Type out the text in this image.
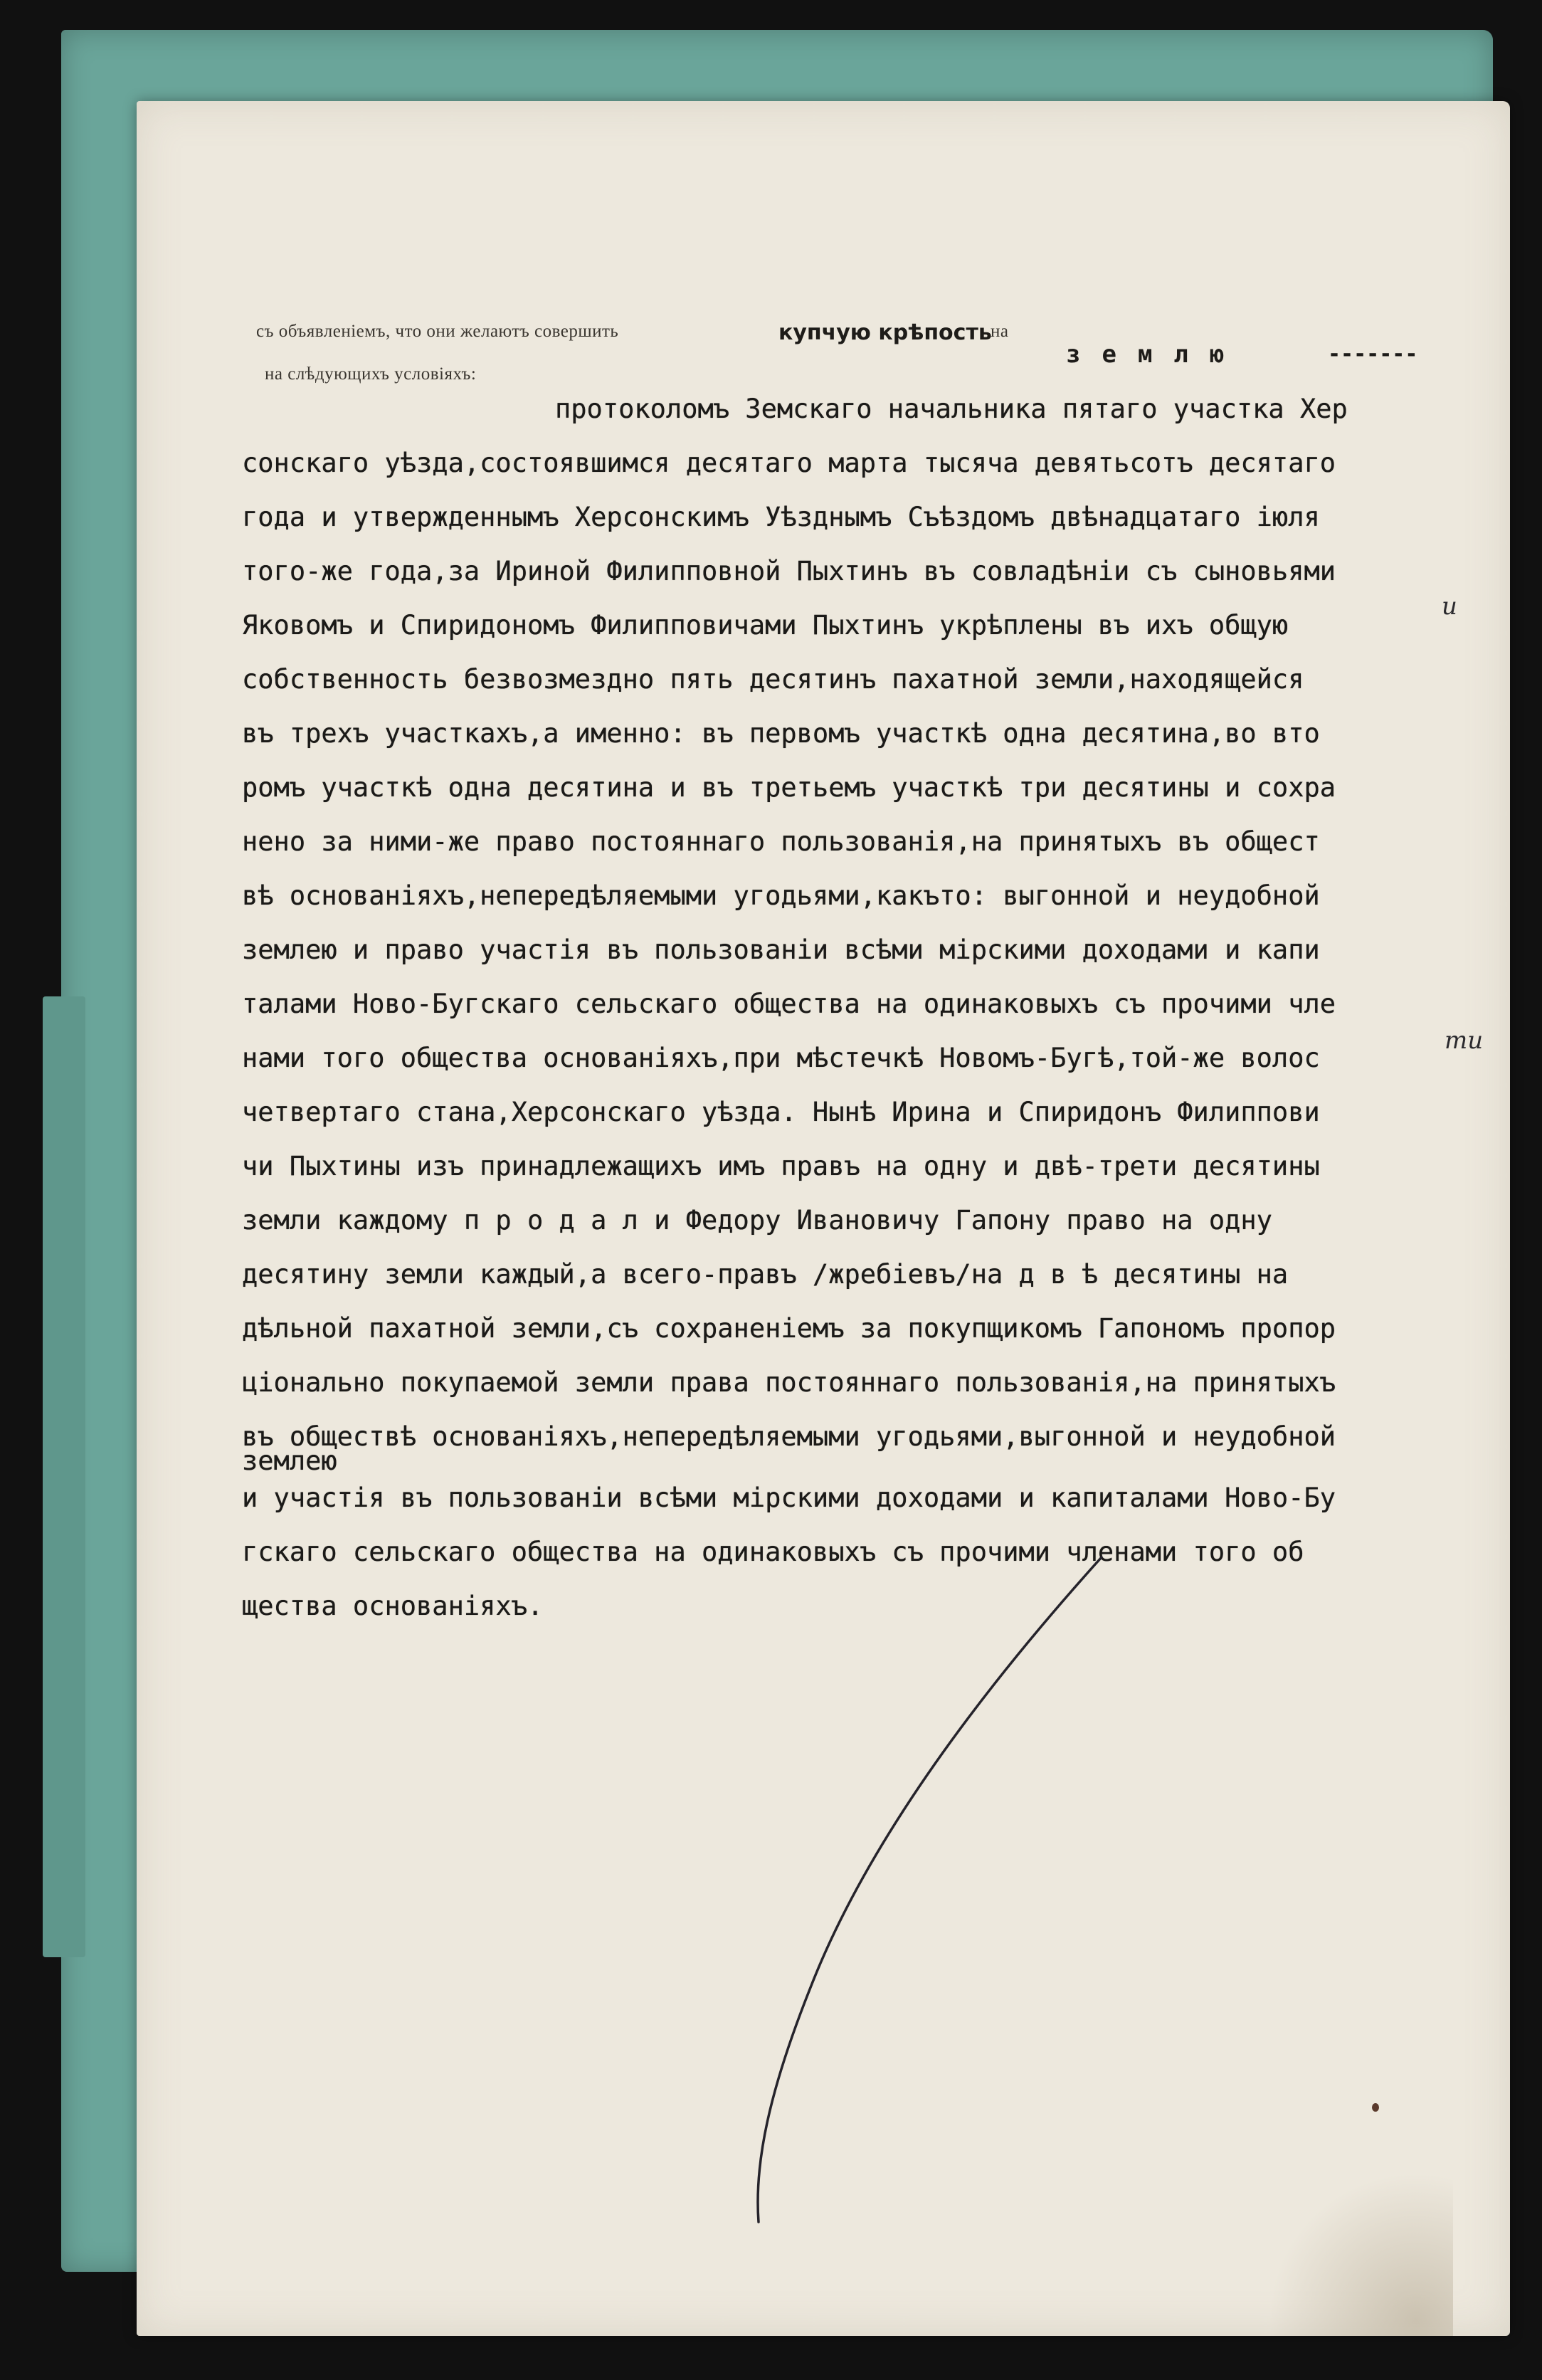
съ объявленіемъ, что они желаютъ совершить	купчую крѣпость
на
на слѣдующихъ условіяхъ:
землю	-------
протоколомъ Земскаго начальника пятаго участка Хер
сонскаго уѣзда,состоявшимся десятаго марта тысяча девятьсотъ десятаго
года и утвержденнымъ Херсонскимъ Уѣзднымъ Съѣздомъ двѣнадцатаго іюля
того-же года,за Ириной Филипповной Пыхтинъ въ совладѣніи съ сыновьями
Яковомъ и Спиридономъ Филипповичами Пыхтинъ укрѣплены въ ихъ общую
собственность безвозмездно пять десятинъ пахатной земли,находящейся
въ трехъ участкахъ,а именно: въ первомъ участкѣ одна десятина,во вто
ромъ участкѣ одна десятина и въ третьемъ участкѣ три десятины и сохра
нено за ними-же право постояннаго пользованія,на принятыхъ въ общест
вѣ основаніяхъ,непередѣляемыми угодьями,какъто: выгонной и неудобной
землею и право участія въ пользованіи всѣми мірскими доходами и капи
талами Ново-Бугскаго сельскаго общества на одинаковыхъ съ прочими чле
нами того общества основаніяхъ,при мѣстечкѣ Новомъ-Бугѣ,той-же волос
четвертаго стана,Херсонскаго уѣзда. Нынѣ Ирина и Спиридонъ Филиппови
чи Пыхтины изъ принадлежащихъ имъ правъ на одну и двѣ-трети десятины
земли каждому п р о д а л и Федору Ивановичу Гапону право на одну
десятину земли каждый,а всего-правъ /жребіевъ/на д в ѣ десятины на
дѣльной пахатной земли,съ сохраненіемъ за покупщикомъ Гапономъ пропор
ціонально покупаемой земли права постояннаго пользованія,на принятыхъ
въ обществѣ основаніяхъ,непередѣляемыми угодьями,выгонной и неудобной
землею
и участія въ пользованіи всѣми мірскими доходами и капиталами Ново-Бу
гскаго сельскаго общества на одинаковыхъ съ прочими членами того об
щества основаніяхъ.
и
ти
